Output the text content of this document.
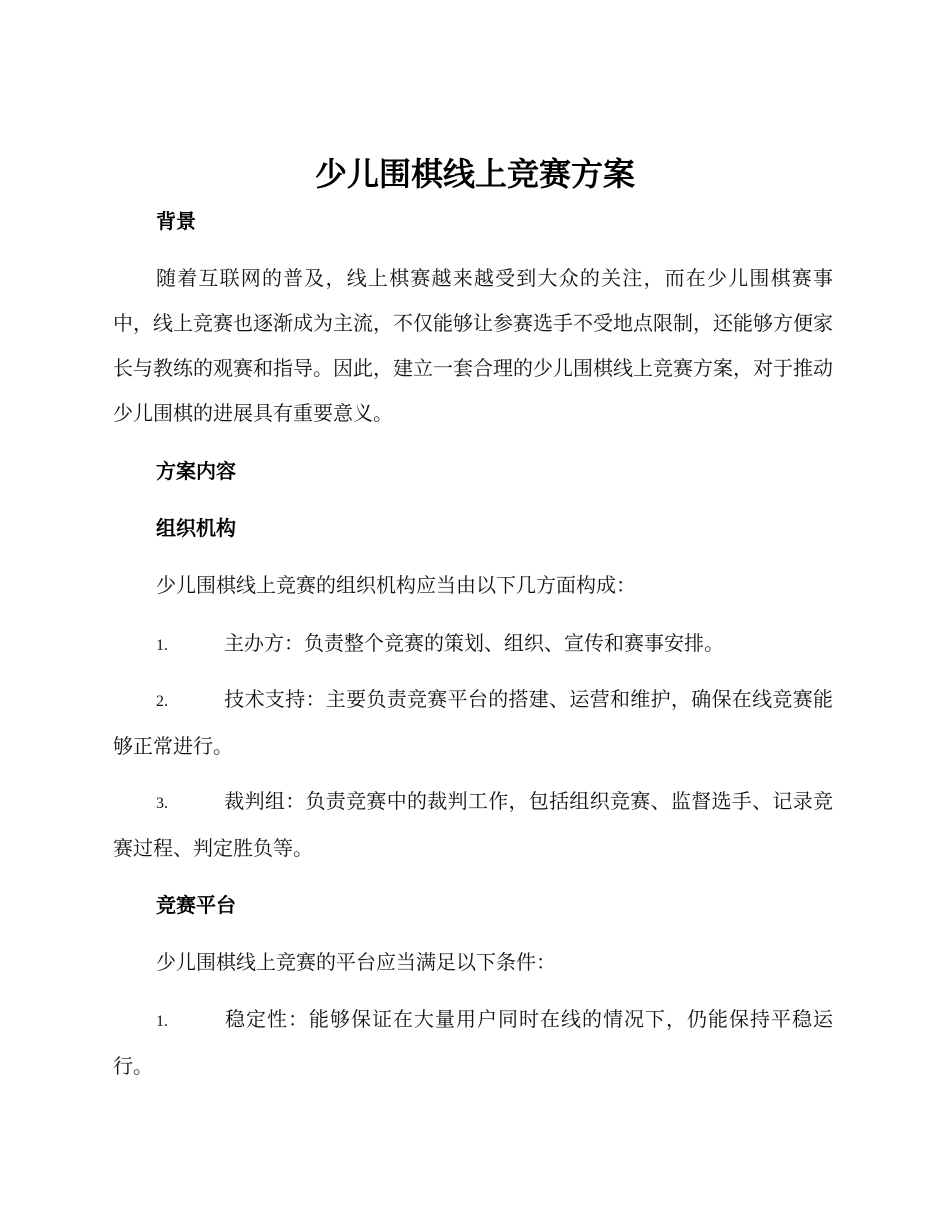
少儿围棋线上竞赛方案
背景

随着互联网的普及，线上棋赛越来越受到大众的关注，而在少儿围棋赛事中，线上竞赛也逐渐成为主流，不仅能够让参赛选手不受地点限制，还能够方便家长与教练的观赛和指导。因此，建立一套合理的少儿围棋线上竞赛方案，对于推动少儿围棋的进展具有重要意义。

方案内容
组织机构

少儿围棋线上竞赛的组织机构应当由以下几方面构成：

1.	主办方：负责整个竞赛的策划、组织、宣传和赛事安排。

2.	技术支持：主要负责竞赛平台的搭建、运营和维护，确保在线竞赛能够正常进行。

3.	裁判组：负责竞赛中的裁判工作，包括组织竞赛、监督选手、记录竞赛过程、判定胜负等。

竞赛平台

少儿围棋线上竞赛的平台应当满足以下条件：

1.	稳定性：能够保证在大量用户同时在线的情况下，仍能保持平稳运行。
